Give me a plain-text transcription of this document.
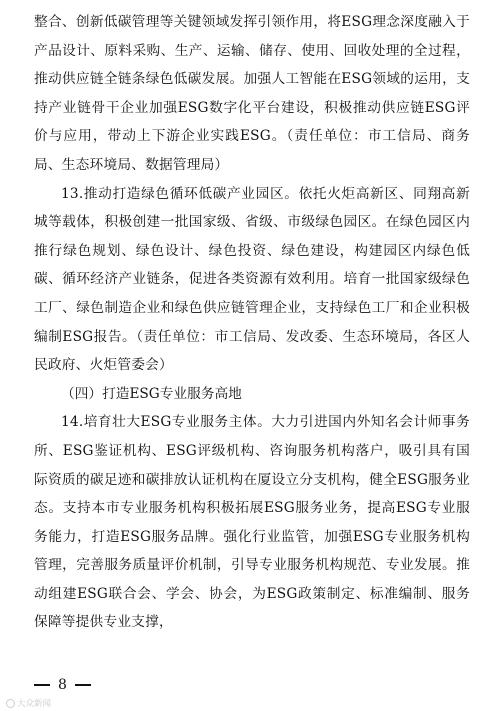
整合、创新低碳管理等关键领域发挥引领作用，将ESG理念深度融入于产品设计、原料采购、生产、运输、储存、使用、回收处理的全过程，推动供应链全链条绿色低碳发展。加强人工智能在ESG领域的运用，支持产业链骨干企业加强ESG数字化平台建设，积极推动供应链ESG评价与应用，带动上下游企业实践ESG。（责任单位：市工信局、商务局、生态环境局、数据管理局）

13.推动打造绿色循环低碳产业园区。依托火炬高新区、同翔高新城等载体，积极创建一批国家级、省级、市级绿色园区。在绿色园区内推行绿色规划、绿色设计、绿色投资、绿色建设，构建园区内绿色低碳、循环经济产业链条，促进各类资源有效利用。培育一批国家级绿色工厂、绿色制造企业和绿色供应链管理企业，支持绿色工厂和企业积极编制ESG报告。（责任单位：市工信局、发改委、生态环境局，各区人民政府、火炬管委会）

（四）打造ESG专业服务高地

14.培育壮大ESG专业服务主体。大力引进国内外知名会计师事务所、ESG鉴证机构、ESG评级机构、咨询服务机构落户，吸引具有国际资质的碳足迹和碳排放认证机构在厦设立分支机构，健全ESG服务业态。支持本市专业服务机构积极拓展ESG服务业务，提高ESG专业服务能力，打造ESG服务品牌。强化行业监管，加强ESG专业服务机构管理，完善服务质量评价机制，引导专业服务机构规范、专业发展。推动组建ESG联合会、学会、协会，为ESG政策制定、标准编制、服务保障等提供专业支撑，

8
大众新闻
